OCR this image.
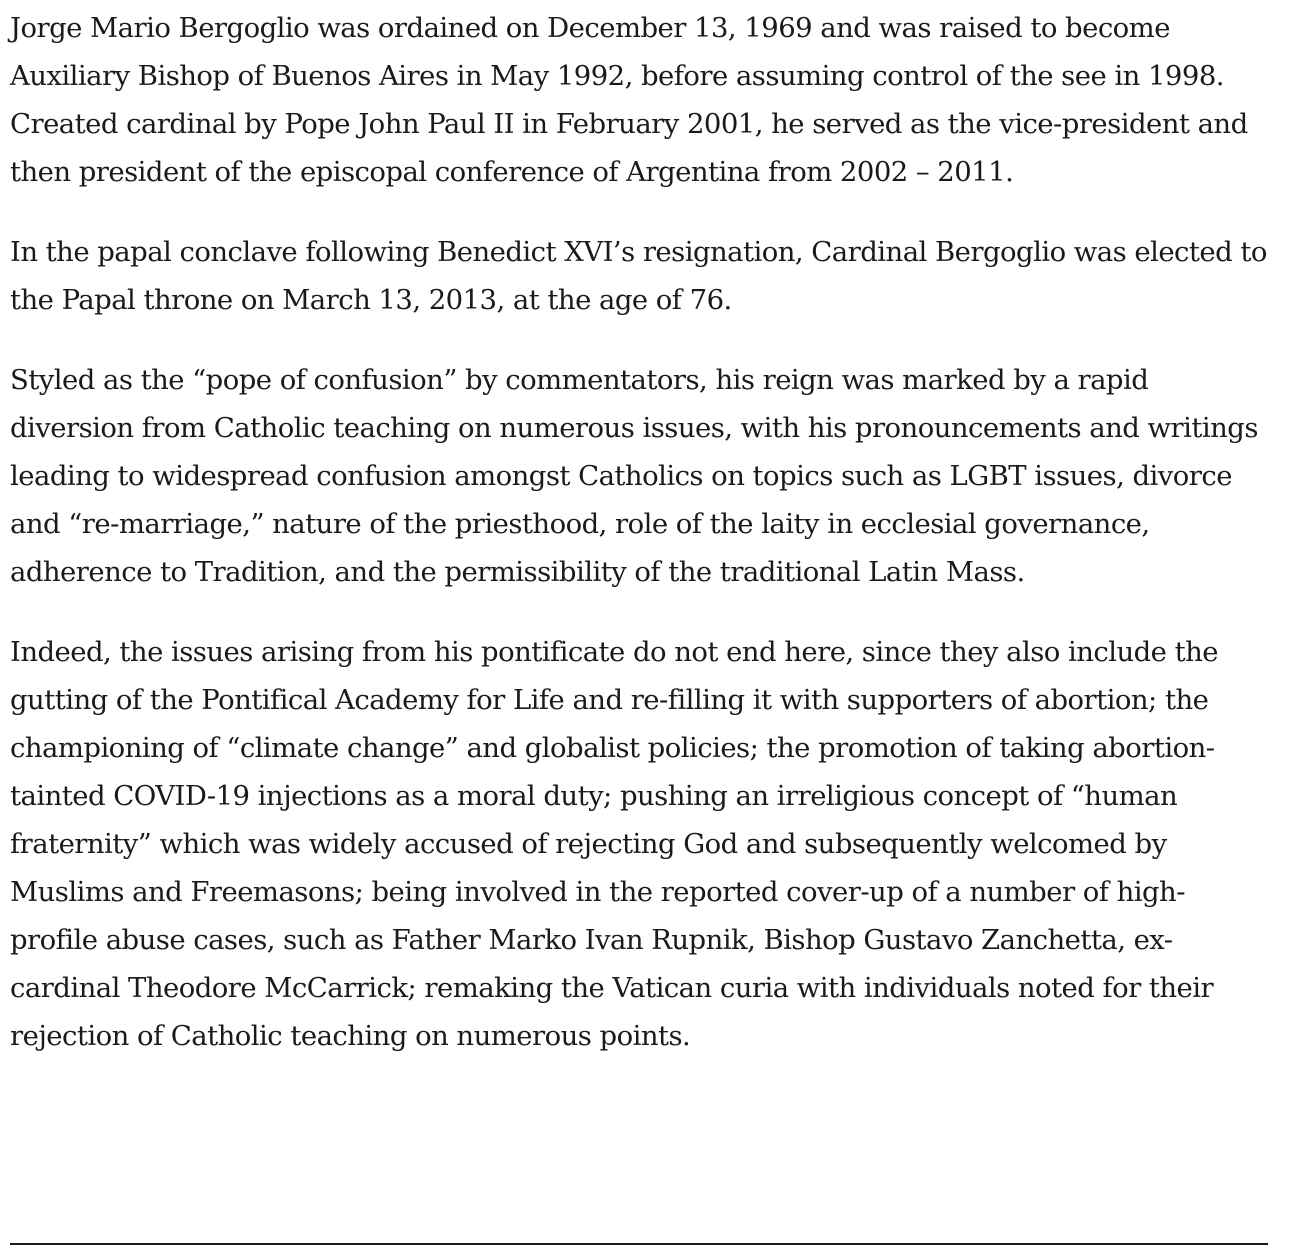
Jorge Mario Bergoglio was ordained on December 13, 1969 and was raised to become Auxiliary Bishop of Buenos Aires in May 1992, before assuming control of the see in 1998. Created cardinal by Pope John Paul II in February 2001, he served as the vice-president and then president of the episcopal conference of Argentina from 2002 – 2011.

In the papal conclave following Benedict XVI’s resignation, Cardinal Bergoglio was elected to the Papal throne on March 13, 2013, at the age of 76.

Styled as the “pope of confusion” by commentators, his reign was marked by a rapid diversion from Catholic teaching on numerous issues, with his pronouncements and writings leading to widespread confusion amongst Catholics on topics such as LGBT issues, divorce and “re-marriage,” nature of the priesthood, role of the laity in ecclesial governance, adherence to Tradition, and the permissibility of the traditional Latin Mass.

Indeed, the issues arising from his pontificate do not end here, since they also include the gutting of the Pontifical Academy for Life and re-filling it with supporters of abortion; the championing of “climate change” and globalist policies; the promotion of taking abortion-tainted COVID-19 injections as a moral duty; pushing an irreligious concept of “human fraternity” which was widely accused of rejecting God and subsequently welcomed by Muslims and Freemasons; being involved in the reported cover-up of a number of high-profile abuse cases, such as Father Marko Ivan Rupnik, Bishop Gustavo Zanchetta, ex-cardinal Theodore McCarrick; remaking the Vatican curia with individuals noted for their rejection of Catholic teaching on numerous points.
